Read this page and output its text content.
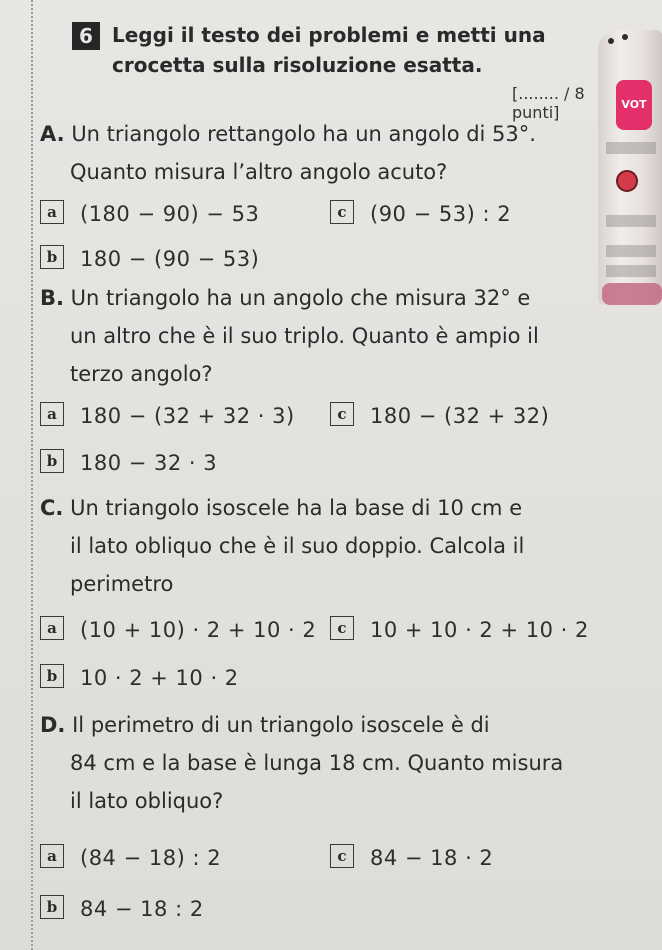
VOT
6 Leggi il testo dei problemi e metti una
crocetta sulla risoluzione esatta.
[........ / 8 punti]
A. Un triangolo rettangolo ha un angolo di 53°.
Quanto misura l’altro angolo acuto?
a (180 − 90) − 53	c (90 − 53) : 2
b 180 − (90 − 53)
B. Un triangolo ha un angolo che misura 32° e
un altro che è il suo triplo. Quanto è ampio il
terzo angolo?
a 180 − (32 + 32 · 3)	c 180 − (32 + 32)
b 180 − 32 · 3
C. Un triangolo isoscele ha la base di 10 cm e
il lato obliquo che è il suo doppio. Calcola il
perimetro
a (10 + 10) · 2 + 10 · 2	c 10 + 10 · 2 + 10 · 2
b 10 · 2 + 10 · 2
D. Il perimetro di un triangolo isoscele è di
84 cm e la base è lunga 18 cm. Quanto misura
il lato obliquo?
a (84 − 18) : 2	c 84 − 18 · 2
b 84 − 18 : 2
